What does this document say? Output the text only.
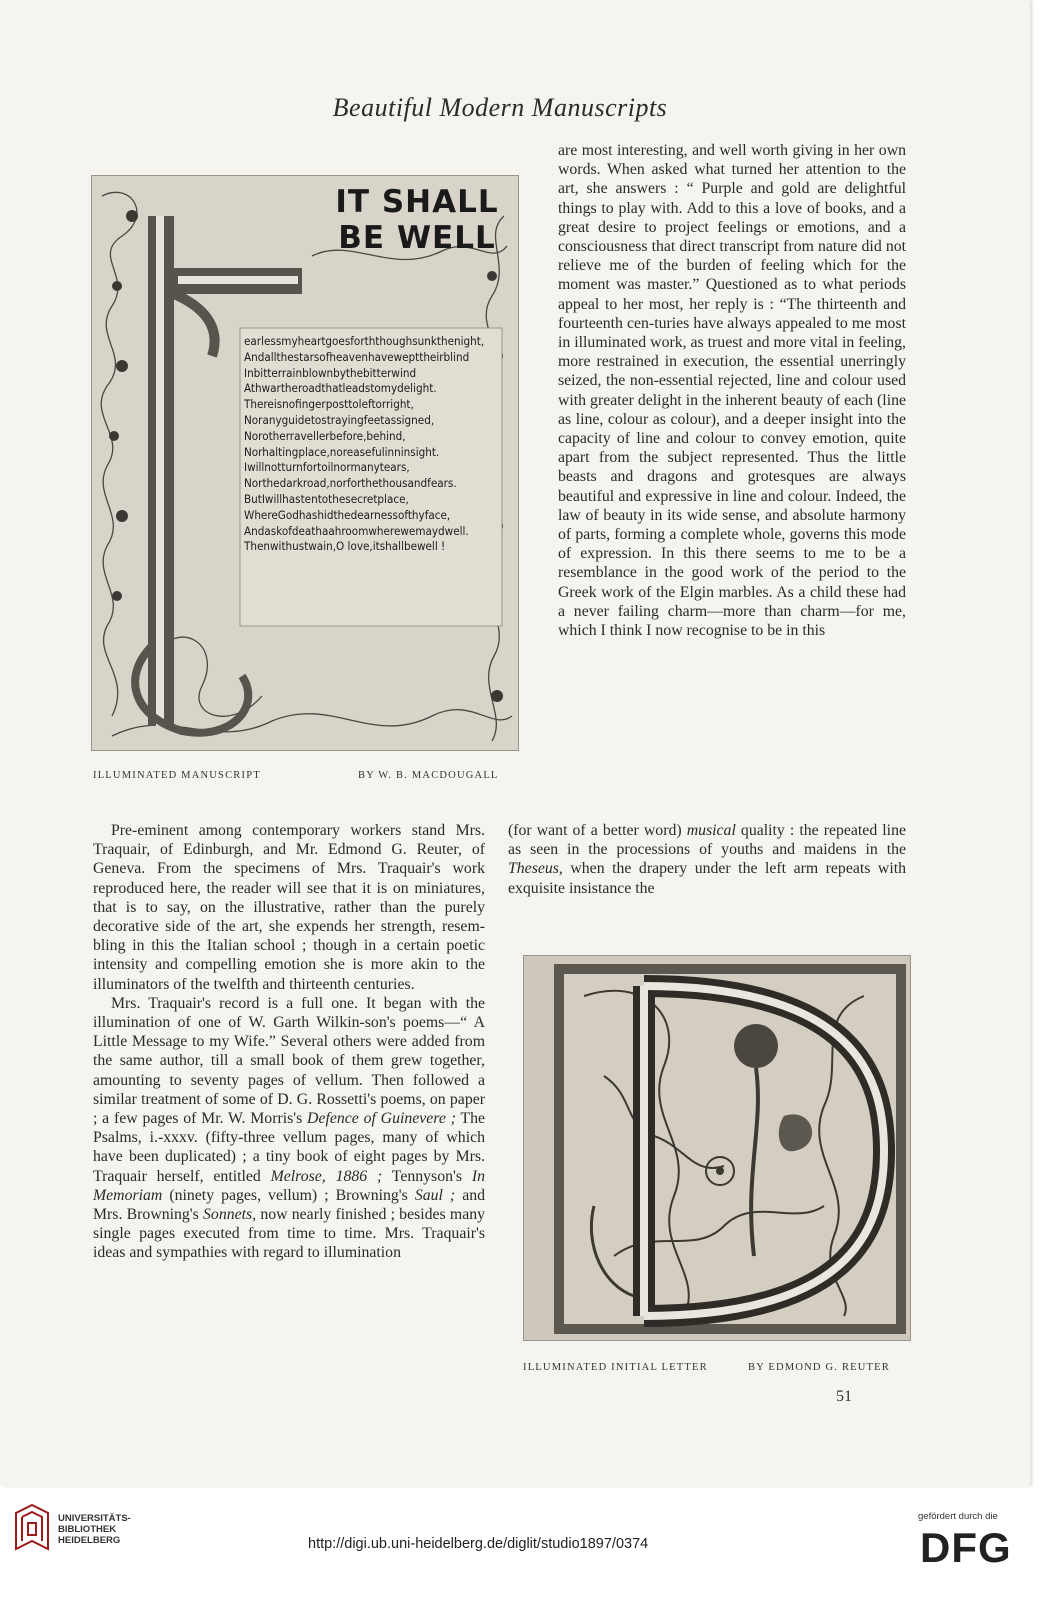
Beautiful Modern Manuscripts
IT SHALL
BE WELL
earlessmyheartgoesforththoughsunkthenight,
Andallthestarsofheavenhavewepttheirblind
Inbitterrainblownbythebitterwind
Athwartheroadthatleadstomydelight.
Thereisnofingerposttoleftorright,
Noranyguidetostrayingfeetassigned,
Norotherravellerbefore,behind,
Norhaltingplace,noreasefulinninsight.
Iwillnotturnfortoilnormanytears,
Northedarkroad,norforthethousandfears.
ButIwillhastentothesecretplace,
WhereGodhashidthedearnessofthyface,
Andaskofdeathaahroomwherewemaydwell.
Thenwithustwain,O love,itshallbewell !
ILLUMINATED MANUSCRIPT	BY W. B. MACDOUGALL

are most interesting, and well worth giving in her own words. When asked what turned her attention to the art, she answers : “ Purple and gold are delightful things to play with. Add to this a love of books, and a great desire to project feelings or emotions, and a consciousness that direct transcript from nature did not relieve me of the burden of feeling which for the moment was master.” Questioned as to what periods appeal to her most, her reply is : “The thirteenth and fourteenth cen-turies have always appealed to me most in illuminated work, as truest and more vital in feeling, more restrained in execution, the essential unerringly seized, the non-essential rejected, line and colour used with greater delight in the inherent beauty of each (line as line, colour as colour), and a deeper insight into the capacity of line and colour to convey emotion, quite apart from the subject represented. Thus the little beasts and dragons and grotesques are always beautiful and expressive in line and colour. Indeed, the law of beauty in its wide sense, and absolute harmony of parts, forming a complete whole, governs this mode of expression. In this there seems to me to be a resemblance in the good work of the period to the Greek work of the Elgin marbles. As a child these had a never failing charm—more than charm—for me, which I think I now recognise to be in this

(for want of a better word) musical quality : the repeated line as seen in the processions of youths and maidens in the Theseus, when the drapery under the left arm repeats with exquisite insistance the

Pre-eminent among contemporary workers stand Mrs. Traquair, of Edinburgh, and Mr. Edmond G. Reuter, of Geneva. From the specimens of Mrs. Traquair's work reproduced here, the reader will see that it is on miniatures, that is to say, on the illustrative, rather than the purely decorative side of the art, she expends her strength, resem-bling in this the Italian school ; though in a certain poetic intensity and compelling emotion she is more akin to the illuminators of the twelfth and thirteenth centuries.

Mrs. Traquair's record is a full one. It began with the illumination of one of W. Garth Wilkin-son's poems—“ A Little Message to my Wife.” Several others were added from the same author, till a small book of them grew together, amounting to seventy pages of vellum. Then followed a similar treatment of some of D. G. Rossetti's poems, on paper ; a few pages of Mr. W. Morris's Defence of Guinevere ; The Psalms, i.-xxxv. (fifty-three vellum pages, many of which have been duplicated) ; a tiny book of eight pages by Mrs. Traquair herself, entitled Melrose, 1886 ; Tennyson's In Memoriam (ninety pages, vellum) ; Browning's Saul ; and Mrs. Browning's Sonnets, now nearly finished ; besides many single pages executed from time to time. Mrs. Traquair's ideas and sympathies with regard to illumination

ILLUMINATED INITIAL LETTER	BY EDMOND G. REUTER
51
UNIVERSITÄTS-
BIBLIOTHEK
HEIDELBERG	http://digi.ub.uni-heidelberg.de/diglit/studio1897/0374
gefördert durch die
DFG
